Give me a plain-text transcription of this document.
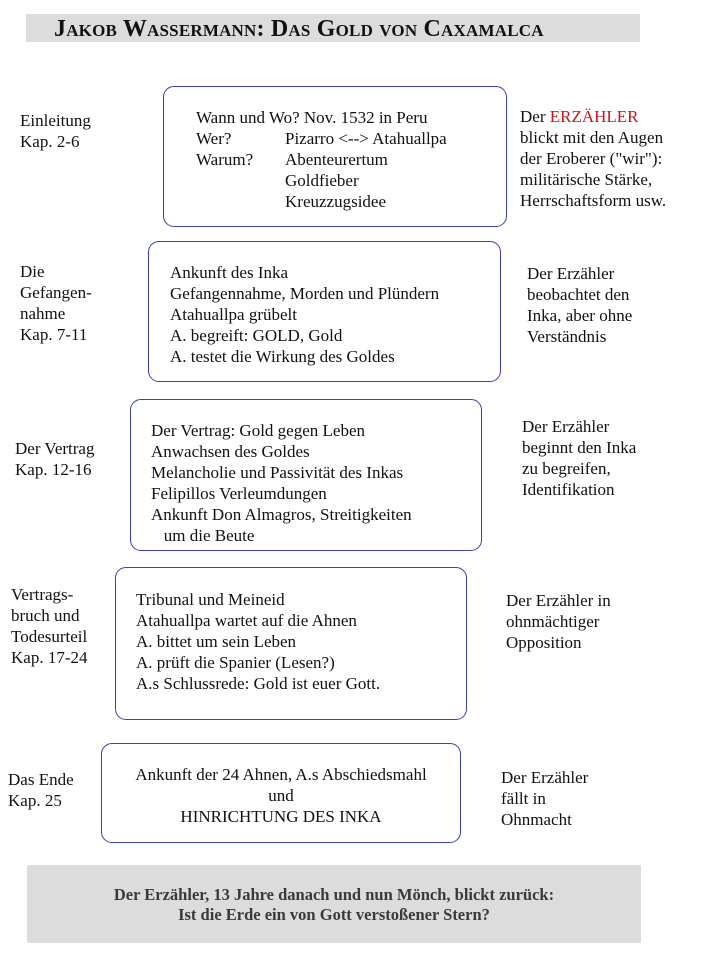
Jakob Wassermann: Das Gold von Caxamalca
Einleitung
Kap. 2-6
Wann und Wo? Nov. 1532 in Peru
Wer?	Pizarro <--> Atahuallpa
Warum?	Abenteurertum
Goldfieber
Kreuzzugsidee
Der ERZÄHLER
blickt mit den Augen
der Eroberer ("wir"):
militärische Stärke,
Herrschaftsform usw.
Die
Gefangen-
nahme
Kap. 7-11
Ankunft des Inka
Gefangennahme, Morden und Plündern
Atahuallpa grübelt
A. begreift: GOLD, Gold
A. testet die Wirkung des Goldes
Der Erzähler
beobachtet den
Inka, aber ohne
Verständnis
Der Vertrag
Kap. 12-16
Der Vertrag: Gold gegen Leben
Anwachsen des Goldes
Melancholie und Passivität des Inkas
Felipillos Verleumdungen
Ankunft Don Almagros, Streitigkeiten
um die Beute
Der Erzähler
beginnt den Inka
zu begreifen,
Identifikation
Vertrags-
bruch und
Todesurteil
Kap. 17-24
Tribunal und Meineid
Atahuallpa wartet auf die Ahnen
A. bittet um sein Leben
A. prüft die Spanier (Lesen?)
A.s Schlussrede: Gold ist euer Gott.
Der Erzähler in
ohnmächtiger
Opposition
Das Ende
Kap. 25
Ankunft der 24 Ahnen, A.s Abschiedsmahl
und
HINRICHTUNG DES INKA
Der Erzähler
fällt in
Ohnmacht
Der Erzähler, 13 Jahre danach und nun Mönch, blickt zurück:
Ist die Erde ein von Gott verstoßener Stern?
